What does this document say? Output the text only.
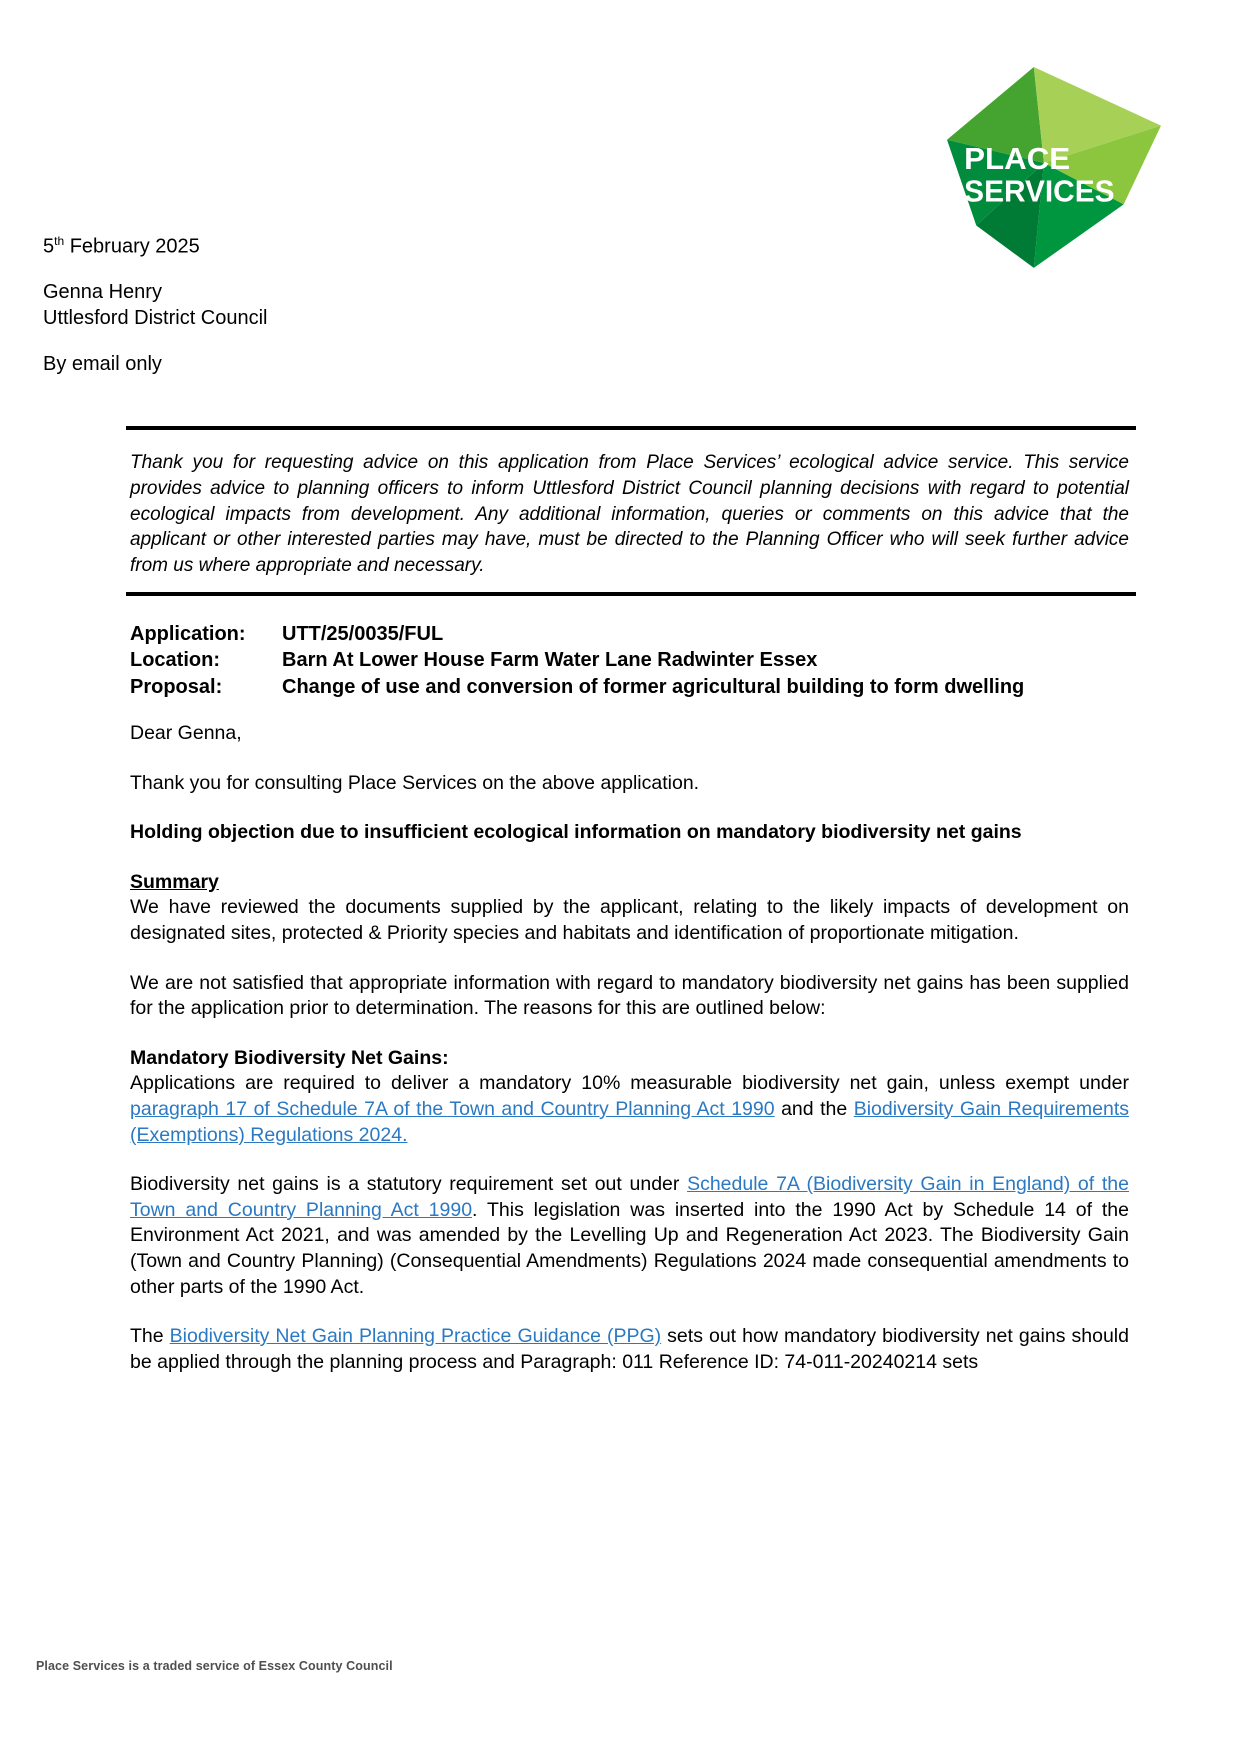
PLACE
SERVICES
5th February 2025
Genna Henry
Uttlesford District Council
By email only
Thank you for requesting advice on this application from Place Services’ ecological advice service. This service provides advice to planning officers to inform Uttlesford District Council planning decisions with regard to potential ecological impacts from development. Any additional information, queries or comments on this advice that the applicant or other interested parties may have, must be directed to the Planning Officer who will seek further advice from us where appropriate and necessary.
Application:	UTT/25/0035/FUL
Location:	Barn At Lower House Farm Water Lane Radwinter Essex
Proposal:	Change of use and conversion of former agricultural building to form dwelling

Dear Genna,

Thank you for consulting Place Services on the above application.

Holding objection due to insufficient ecological information on mandatory biodiversity net gains

Summary

We have reviewed the documents supplied by the applicant, relating to the likely impacts of development on designated sites, protected & Priority species and habitats and identification of proportionate mitigation.

We are not satisfied that appropriate information with regard to mandatory biodiversity net gains has been supplied for the application prior to determination. The reasons for this are outlined below:

Mandatory Biodiversity Net Gains:

Applications are required to deliver a mandatory 10% measurable biodiversity net gain, unless exempt under paragraph 17 of Schedule 7A of the Town and Country Planning Act 1990 and the Biodiversity Gain Requirements (Exemptions) Regulations 2024.

Biodiversity net gains is a statutory requirement set out under Schedule 7A (Biodiversity Gain in England) of the Town and Country Planning Act 1990. This legislation was inserted into the 1990 Act by Schedule 14 of the Environment Act 2021, and was amended by the Levelling Up and Regeneration Act 2023. The Biodiversity Gain (Town and Country Planning) (Consequential Amendments) Regulations 2024 made consequential amendments to other parts of the 1990 Act.

The Biodiversity Net Gain Planning Practice Guidance (PPG) sets out how mandatory biodiversity net gains should be applied through the planning process and Paragraph: 011 Reference ID: 74-011-20240214 sets

Place Services is a traded service of Essex County Council
